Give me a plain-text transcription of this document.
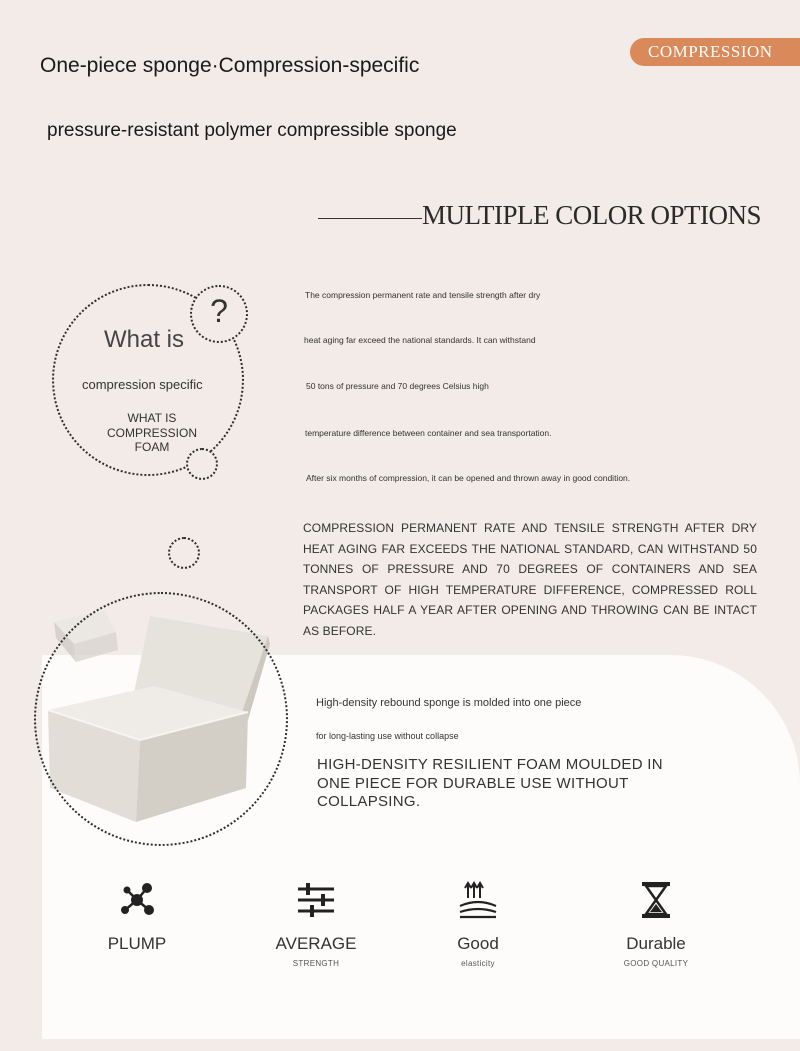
COMPRESSION
One-piece sponge·Compression-specific
pressure-resistant polymer compressible sponge
MULTIPLE COLOR OPTIONS
?
What is
compression specific
WHAT IS COMPRESSION FOAM
The compression permanent rate and tensile strength after dry
heat aging far exceed the national standards. It can withstand
50 tons of pressure and 70 degrees Celsius high
temperature difference between container and sea transportation.
After six months of compression, it can be opened and thrown away in good condition.
COMPRESSION PERMANENT RATE AND TENSILE STRENGTH AFTER DRY HEAT AGING FAR EXCEEDS THE NATIONAL STANDARD, CAN WITHSTAND 50 TONNES OF PRESSURE AND 70 DEGREES OF CONTAINERS AND SEA TRANSPORT OF HIGH TEMPERATURE DIFFERENCE, COMPRESSED ROLL PACKAGES HALF A YEAR AFTER OPENING AND THROWING CAN BE INTACT AS BEFORE.
High-density rebound sponge is molded into one piece
for long-lasting use without collapse
HIGH-DENSITY RESILIENT FOAM MOULDED IN ONE PIECE FOR DURABLE USE WITHOUT COLLAPSING.
PLUMP	AVERAGE
STRENGTH
Good
elasticity
Durable
GOOD QUALITY
